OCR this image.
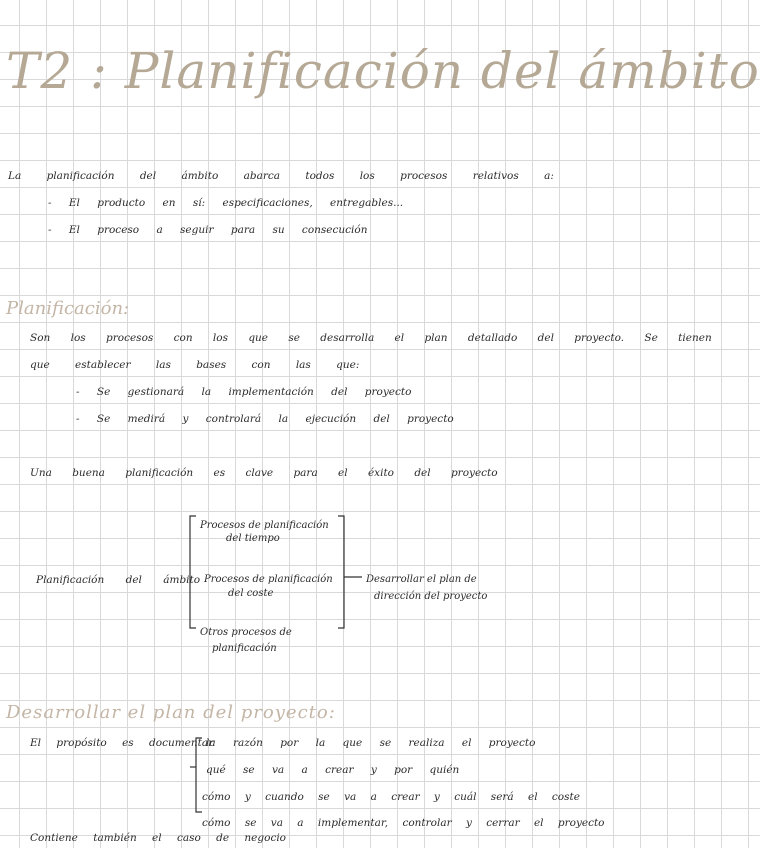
T2 : Planificación del ámbito
La planificación del ámbito abarca todos los procesos relativos a:
- El producto en sí: especificaciones, entregables...
- El proceso a seguir para su consecución
Planificación:
Son los procesos con los que se desarrolla el plan detallado del proyecto. Se tienen
que establecer las bases con las que:
- Se gestionará la implementación del proyecto
- Se medirá y controlará la ejecución del proyecto
Una buena planificación es clave para el éxito del proyecto
Planificación del ámbito
Procesos de planificación
del tiempo
Procesos de planificación
del coste
Otros procesos de
planificación
Desarrollar el plan de
dirección del proyecto
Desarrollar el plan del proyecto:
El propósito es documentar
la razón por la que se realiza el proyecto
qué se va a crear y por quién
cómo y cuando se va a crear y cuál será el coste
cómo se va a implementar, controlar y cerrar el proyecto
Contiene también el caso de negocio
